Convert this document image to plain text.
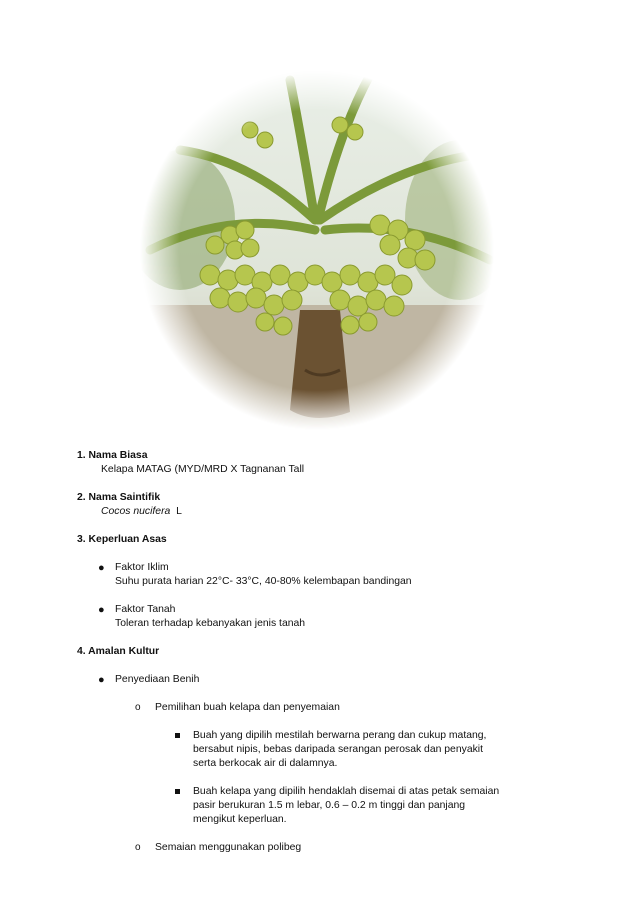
1. Nama Biasa

Kelapa MATAG (MYD/MRD X Tagnanan Tall

2. Nama Saintifik

Cocos nucifera L

3. Keperluan Asas

● Faktor Iklim
Suhu purata harian 22°C- 33°C, 40-80% kelembapan bandingan
● Faktor Tanah
Toleran terhadap kebanyakan jenis tanah

4. Amalan Kultur

● Penyediaan Benih
o Pemilihan buah kelapa dan penyemaian
Buah yang dipilih mestilah berwarna perang dan cukup matang,
bersabut nipis, bebas daripada serangan perosak dan penyakit
serta berkocak air di dalamnya.
Buah kelapa yang dipilih hendaklah disemai di atas petak semaian
pasir berukuran 1.5 m lebar, 0.6 – 0.2 m tinggi dan panjang
mengikut keperluan.
o Semaian menggunakan polibeg
